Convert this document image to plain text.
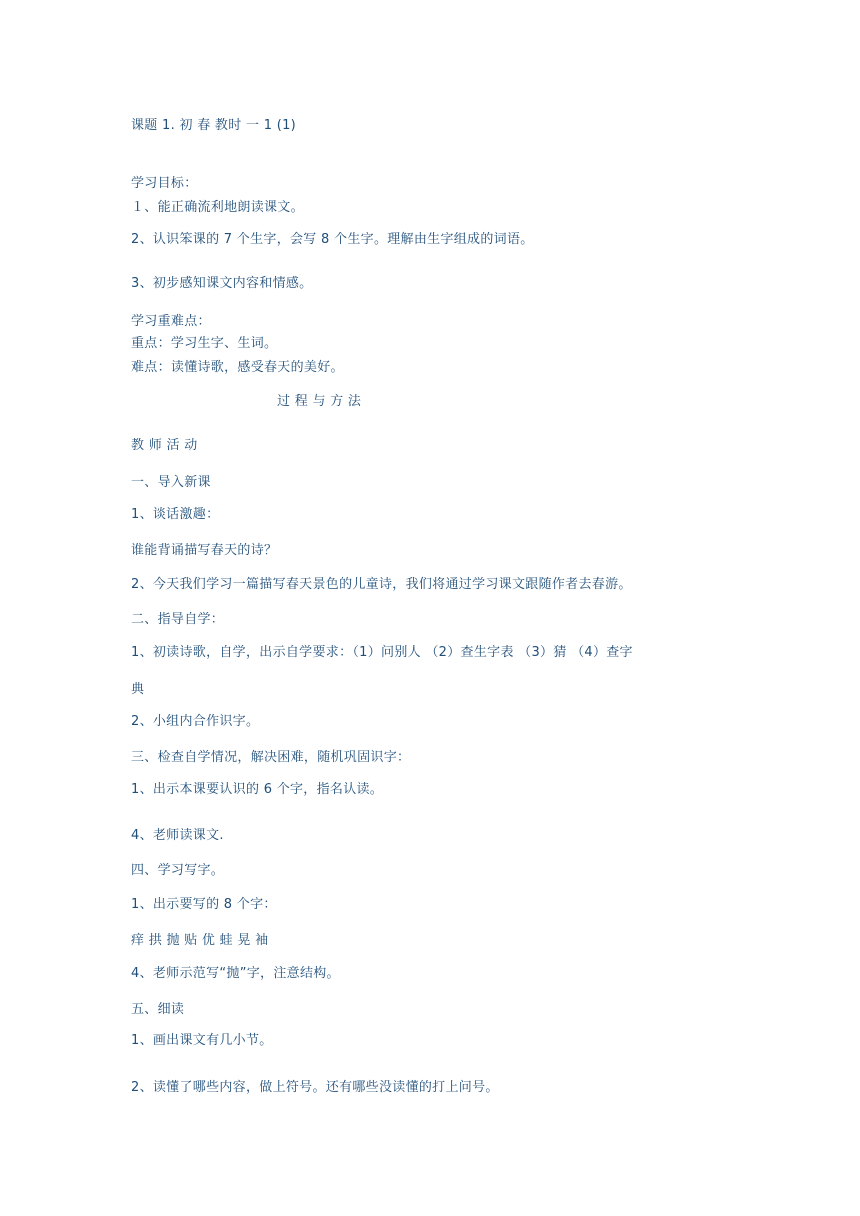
课题 1. 初 春 教时 一 1 (1)
学习目标：
１、能正确流利地朗读课文。
2、认识笨课的 7 个生字，会写 8 个生字。理解由生字组成的词语。
3、初步感知课文内容和情感。
学习重难点：
重点：学习生字、生词。
难点：读懂诗歌，感受春天的美好。
过 程 与 方 法
教 师 活 动
一、导入新课
1、谈话激趣：
谁能背诵描写春天的诗？
2、今天我们学习一篇描写春天景色的儿童诗，我们将通过学习课文跟随作者去春游。
二、指导自学：
1、初读诗歌，自学，出示自学要求：（1）问别人 （2）查生字表 （3）猜 （4）查字
典
2、小组内合作识字。
三、检查自学情况，解决困难，随机巩固识字：
1、出示本课要认识的 6 个字，指名认读。
4、老师读课文.
四、学习写字。
1、出示要写的 8 个字：
痒 拱 抛 贴 优 蛙 晃 袖
4、老师示范写“抛”字，注意结构。
五、细读
1、画出课文有几小节。
2、读懂了哪些内容，做上符号。还有哪些没读懂的打上问号。
